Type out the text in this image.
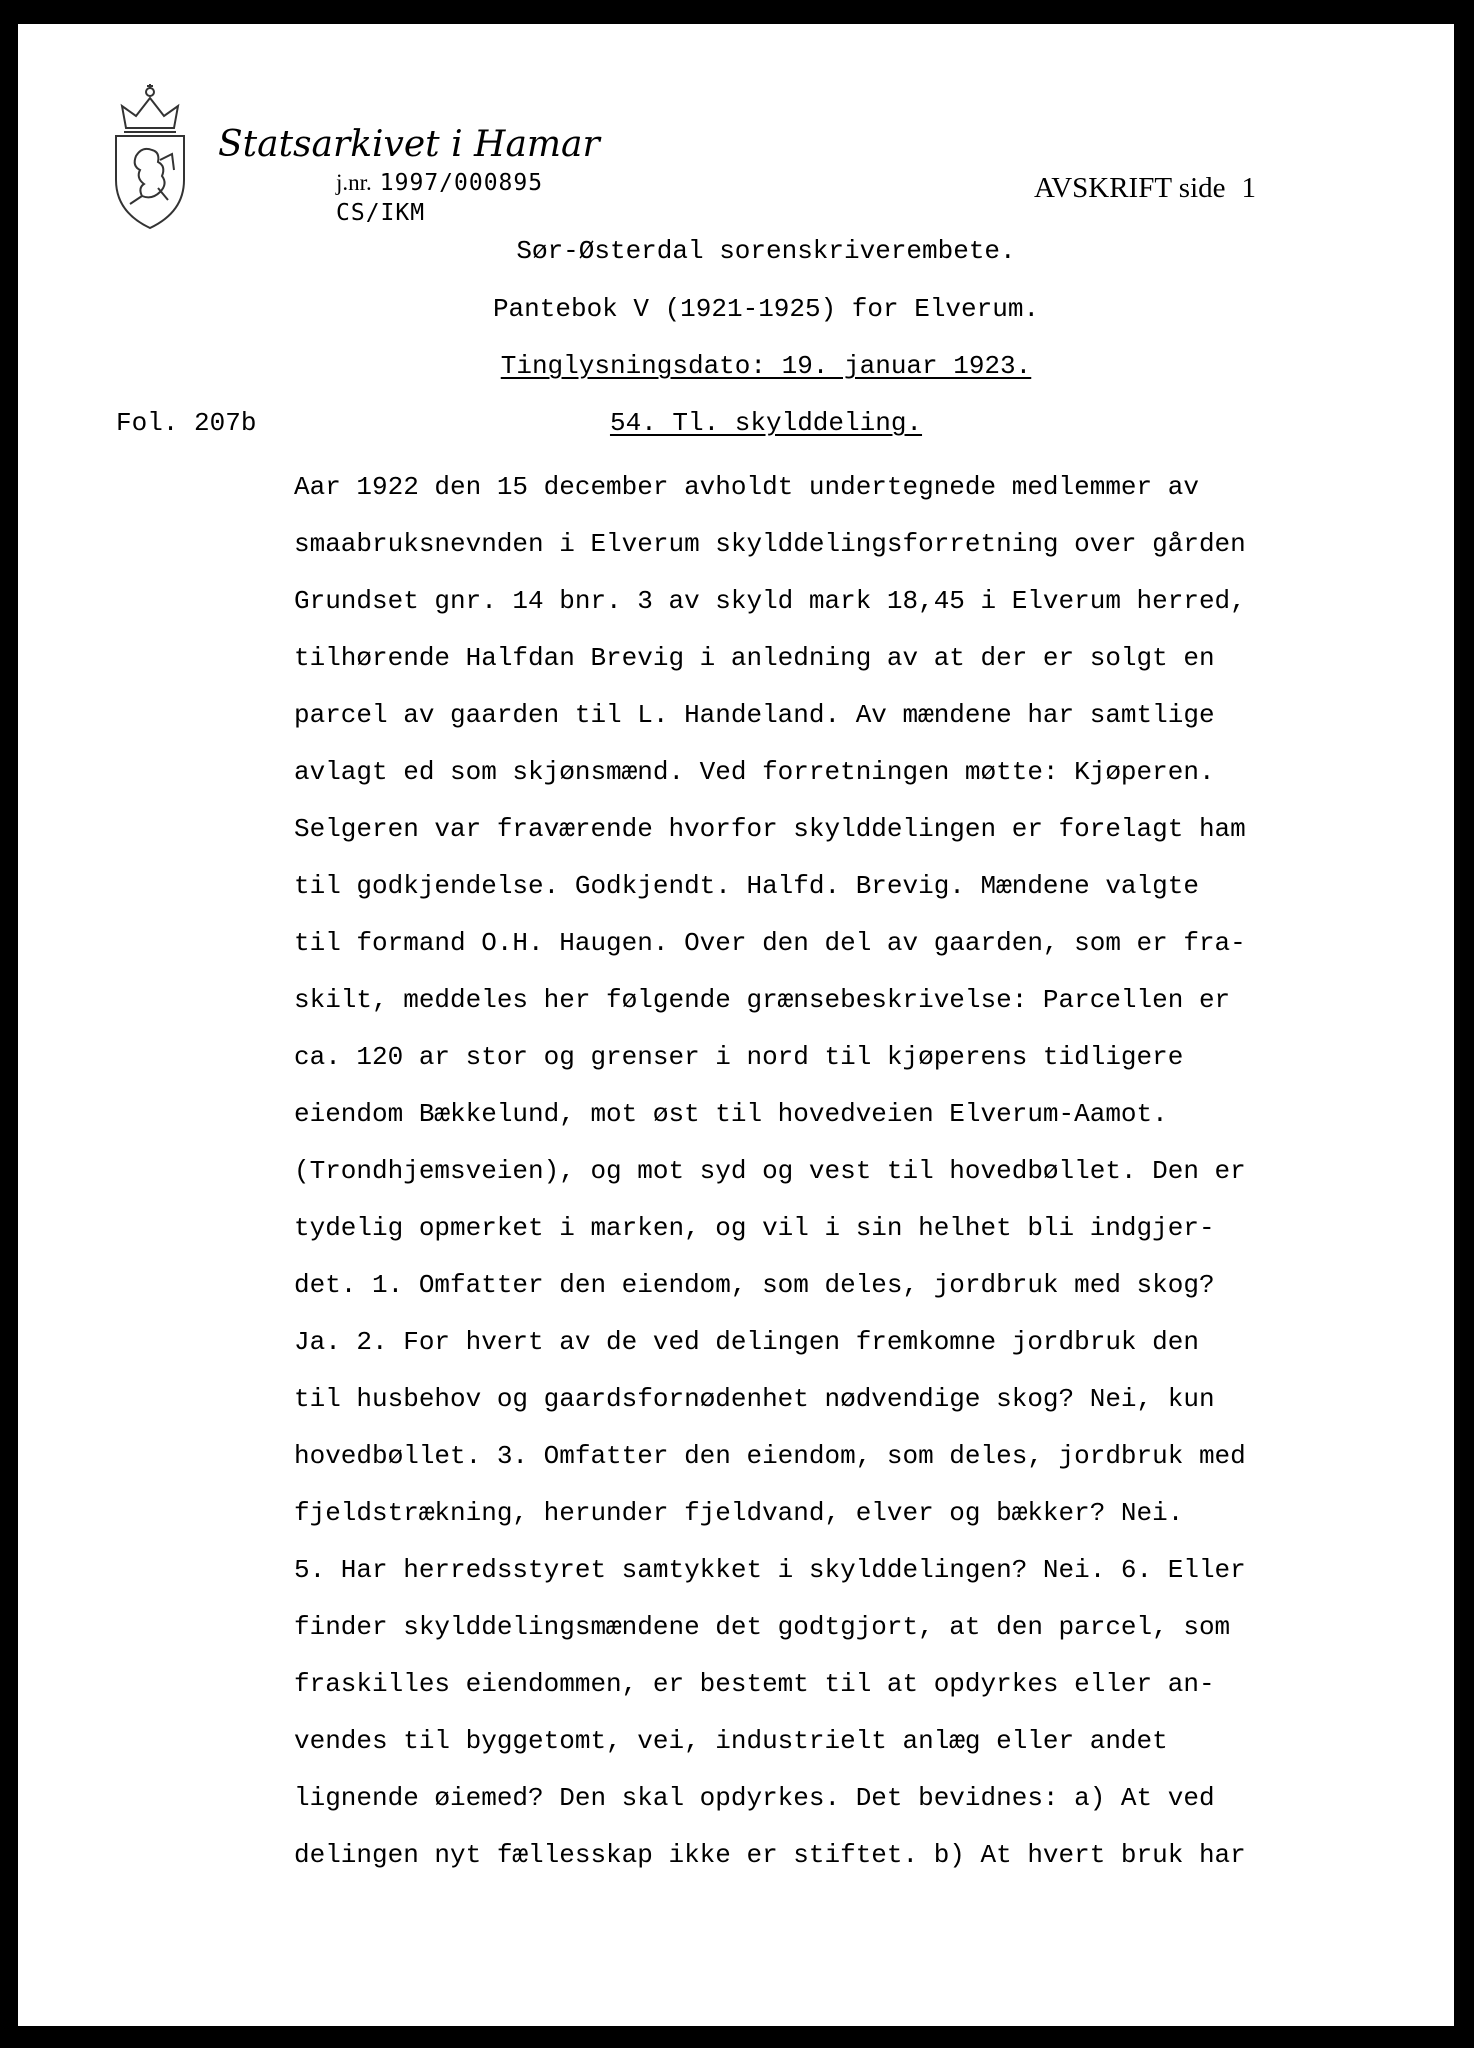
Statsarkivet i Hamar
j.nr. 1997/000895
CS/IKM
AVSKRIFT side 1
Sør-Østerdal sorenskriverembete.
Pantebok V (1921-1925) for Elverum.
Tinglysningsdato: 19. januar 1923.
Fol. 207b	54. Tl. skylddeling.
Aar 1922 den 15 december avholdt undertegnede medlemmer av
smaabruksnevnden i Elverum skylddelingsforretning over gården
Grundset gnr. 14 bnr. 3 av skyld mark 18,45 i Elverum herred,
tilhørende Halfdan Brevig i anledning av at der er solgt en
parcel av gaarden til L. Handeland. Av mændene har samtlige
avlagt ed som skjønsmænd. Ved forretningen møtte: Kjøperen.
Selgeren var fraværende hvorfor skylddelingen er forelagt ham
til godkjendelse. Godkjendt. Halfd. Brevig. Mændene valgte
til formand O.H. Haugen. Over den del av gaarden, som er fra-
skilt, meddeles her følgende grænsebeskrivelse: Parcellen er
ca. 120 ar stor og grenser i nord til kjøperens tidligere
eiendom Bækkelund, mot øst til hovedveien Elverum-Aamot.
(Trondhjemsveien), og mot syd og vest til hovedbøllet. Den er
tydelig opmerket i marken, og vil i sin helhet bli indgjer-
det. 1. Omfatter den eiendom, som deles, jordbruk med skog?
Ja. 2. For hvert av de ved delingen fremkomne jordbruk den
til husbehov og gaardsfornødenhet nødvendige skog? Nei, kun
hovedbøllet. 3. Omfatter den eiendom, som deles, jordbruk med
fjeldstrækning, herunder fjeldvand, elver og bækker? Nei.
5. Har herredsstyret samtykket i skylddelingen? Nei. 6. Eller
finder skylddelingsmændene det godtgjort, at den parcel, som
fraskilles eiendommen, er bestemt til at opdyrkes eller an-
vendes til byggetomt, vei, industrielt anlæg eller andet
lignende øiemed? Den skal opdyrkes. Det bevidnes: a) At ved
delingen nyt fællesskap ikke er stiftet. b) At hvert bruk har
